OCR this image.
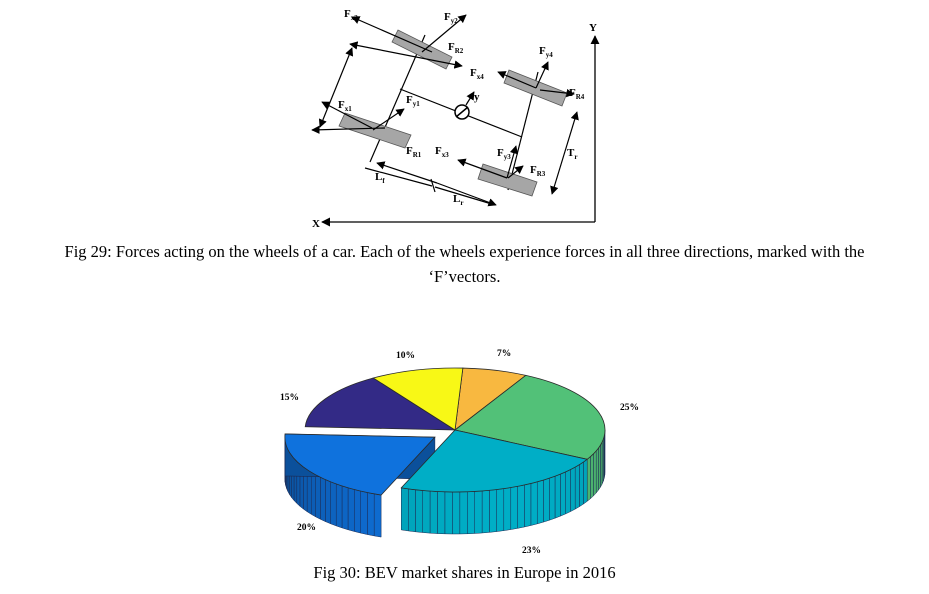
Y
X
y
$F_{x2}$	$F_{y2}$
$F_{R2}$	$F_{y4}$
$F_{x4}$
$F_{R4}$
$F_{x1}$
$F_{y1}$
$F_{R1}$ $F_{x3}$	$F_{y3}$
$F_{R3}$
$T_r$
$L_f$
$L_r$
Fig 29: Forces acting on the wheels of a car. Each of the wheels experience forces in all three directions, marked with the
‘F’vectors.
7%
25%
23%
20%
15%
10%
Fig 30: BEV market shares in Europe in 2016
